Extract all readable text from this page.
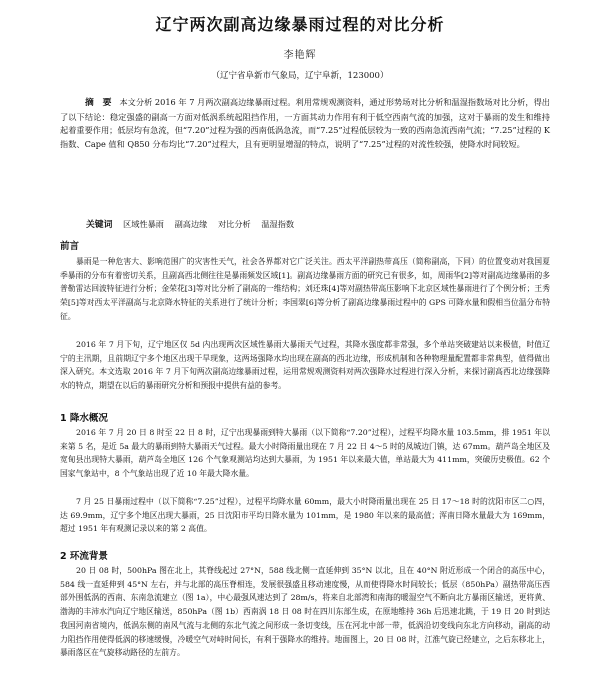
辽宁两次副高边缘暴雨过程的对比分析
李艳辉
（辽宁省阜新市气象局，辽宁阜新，123000）
摘　要 本文分析 2016 年 7 月两次副高边缘暴雨过程。利用常规观测资料，通过形势场对比分析和温湿指数场对比分析，得出了以下结论：稳定强盛的副高一方面对低涡系统起阻挡作用，一方面其动力作用有利于低空西南气流的加强，这对于暴雨的发生和维持起着重要作用；低层均有急流，但“7.20”过程为强的西南低涡急流，而“7.25”过程低层较为一致的西南急流西南气流；“7.25”过程的 K 指数、Cape 值和 Q850 分布均比“7.20”过程大，且有更明显增湿的特点，说明了“7.25”过程的对流性较强，使降水时间较短。
关键词 区域性暴雨 副高边缘 对比分析 温湿指数
前言
暴雨是一种危害大、影响范围广的灾害性天气，社会各界都对它广泛关注。西太平洋副热带高压（简称副高，下同）的位置变动对我国夏季暴雨的分布有着密切关系，且副高西北侧往往是暴雨频发区域[1]。副高边缘暴雨方面的研究已有很多，如，周雨华[2]等对副高边缘暴雨的多普勒雷达回波特征进行分析；金荣花[3]等对比分析了副高的一维结构；刘还珠[4]等对副热带高压影响下北京区域性暴雨进行了个例分析；王秀荣[5]等对西太平洋副高与北京降水特征的关系进行了统计分析；李国翠[6]等分析了副高边缘暴雨过程中的 GPS 可降水量和假相当位温分布特征。
2016 年 7 月下旬，辽宁地区仅 5d 内出现两次区域性暴雨大暴雨天气过程，其降水强度都非常强，多个单站突破建站以来极值，时值辽宁的主汛期，且前期辽宁多个地区出现干旱现象，这两场强降水均出现在副高的西北边缘，形成机制和各种物理量配置都非常典型，值得做出深入研究。本文选取 2016 年 7 月下旬两次副高边缘暴雨过程，运用常规观测资料对两次强降水过程进行深入分析，来探讨副高西北边缘强降水的特点，期望在以后的暴雨研究分析和预报中提供有益的参考。
1 降水概况
2016 年 7 月 20 日 8 时至 22 日 8 时，辽宁出现暴雨到特大暴雨（以下简称“7.20”过程），过程平均降水量 103.5mm，排 1951 年以来第 5 名，是近 5a 最大的暴雨到特大暴雨天气过程。最大小时降雨量出现在 7 月 22 日 4～5 时的凤城边门镇，达 67mm。葫芦岛全地区及宽甸县出现特大暴雨，葫芦岛全地区 126 个气象观测站均达到大暴雨，为 1951 年以来最大值，单站最大为 411mm，突破历史极值。62 个国家气象站中，8 个气象站出现了近 10 年最大降水量。
7 月 25 日暴雨过程中（以下简称“7.25”过程），过程平均降水量 60mm，最大小时降雨量出现在 25 日 17～18 时的沈阳市区二○四，达 69.9mm，辽宁多个地区出现大暴雨，25 日沈阳市平均日降水量为 101mm，是 1980 年以来的最高值；浑南日降水量最大为 169mm，超过 1951 年有观测记录以来的第 2 高值。
2 环流背景
20 日 08 时，500hPa 图在北上，其脊线起过 27°N，588 线北侧一直延伸到 35°N 以北，且在 40°N 附近形成一个闭合的高压中心，584 线一直延伸到 45°N 左右，并与北部的高压脊相连，发展很强盛且移动速度慢，从而使得降水时间较长；低层（850hPa）副热带高压西部外围低涡的西南、东南急流建立（图 1a），中心最强风速达到了 28m/s，将来自北部湾和南海的暖湿空气不断向北方暴雨区输送，更将黄、渤海的丰沛水汽向辽宁地区输送，850hPa（图 1b）西南涡 18 日 08 时在四川东部生成，在原地维持 36h 后迅速北跳，于 19 日 20 时到达我国河南省境内，低涡东侧的南风气流与北侧的东北气流之间形成一条切变线，压在河北中部一带，低涡沿切变线向东北方向移动，副高的动力阻挡作用使得低涡的移速缓慢，冷暖空气对峙时间长，有利于强降水的维持。地面图上，20 日 08 时，江淮气旋已经建立，之后东移北上，暴雨落区在气旋移动路径的左前方。
